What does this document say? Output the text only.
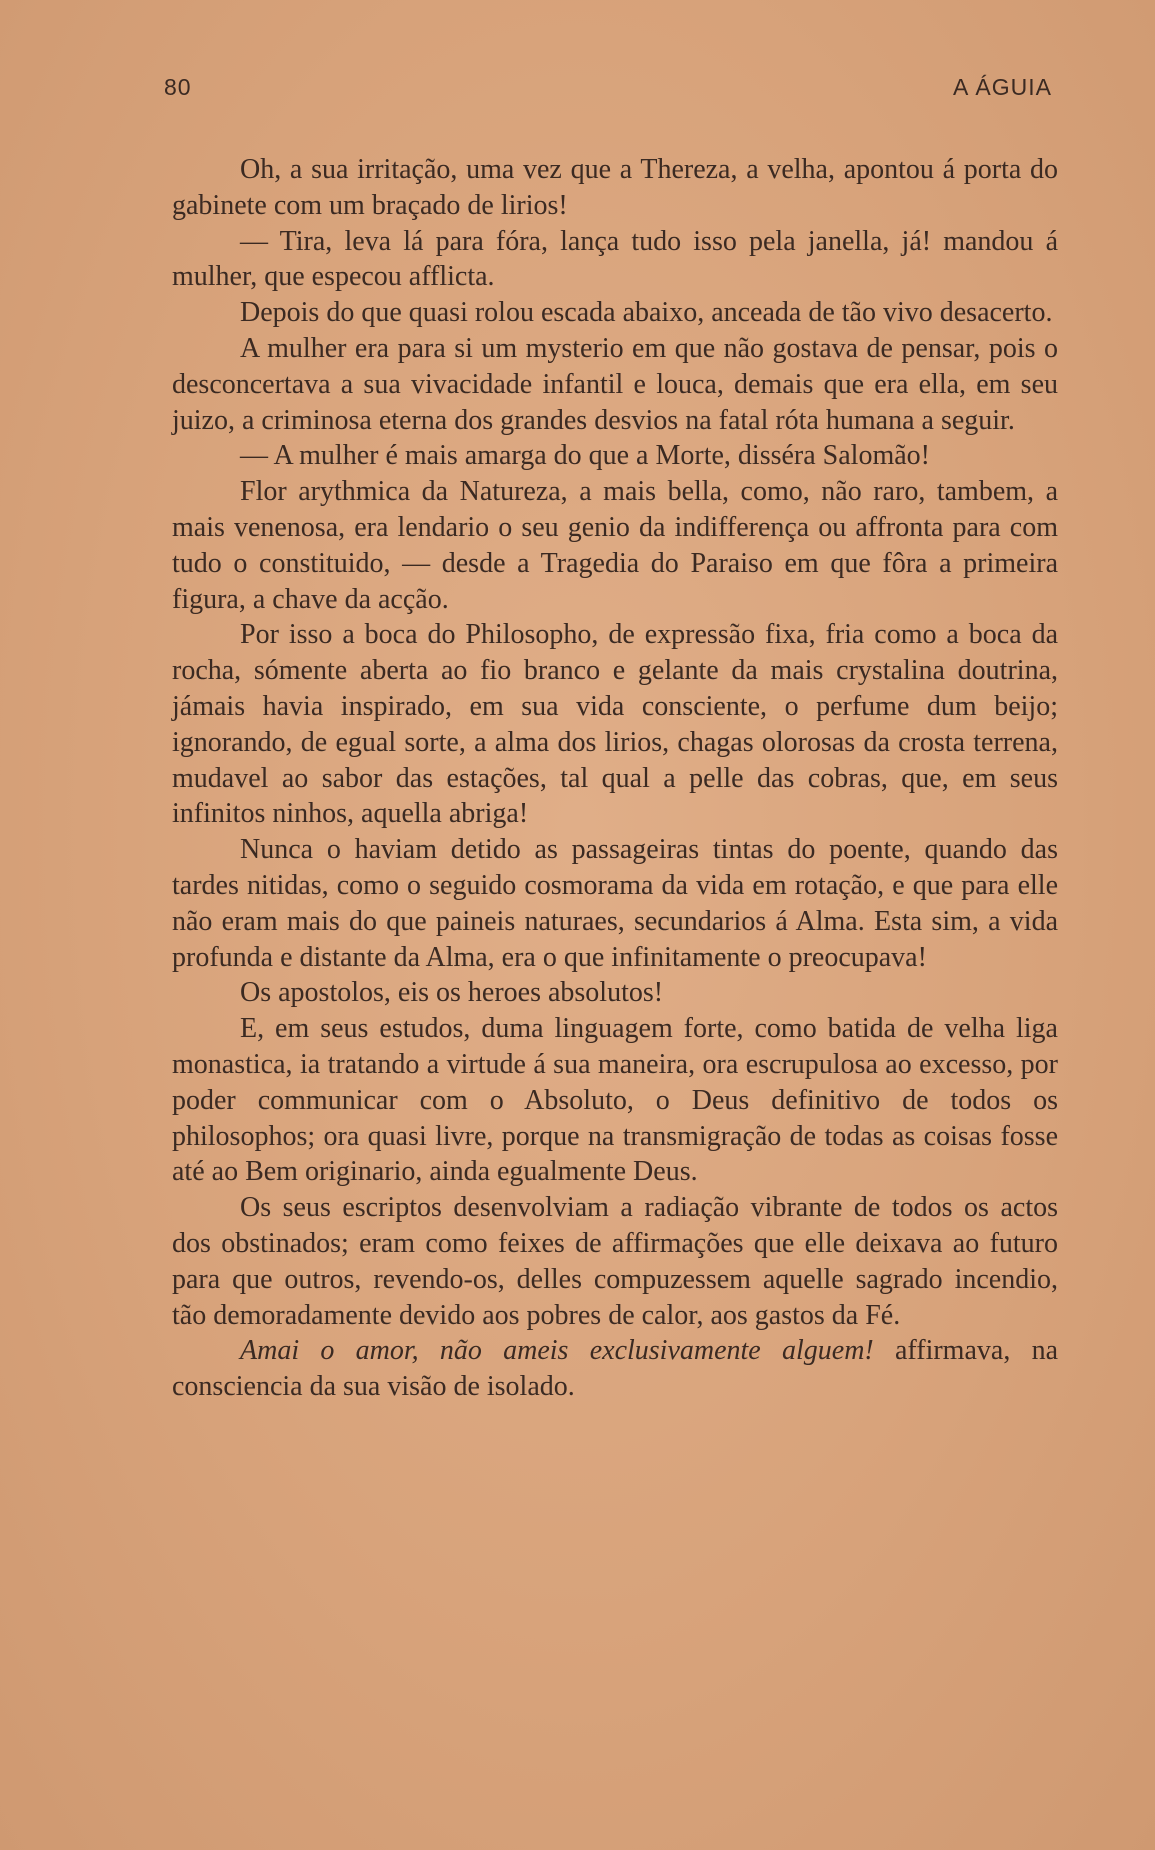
80	A ÁGUIA

Oh, a sua irritação, uma vez que a Thereza, a velha, apontou á porta do gabinete com um braçado de lirios!

— Tira, leva lá para fóra, lança tudo isso pela janella, já! mandou á mulher, que especou afflicta.

Depois do que quasi rolou escada abaixo, anceada de tão vivo desacerto.

A mulher era para si um mysterio em que não gostava de pensar, pois o desconcertava a sua vivacidade infantil e louca, demais que era ella, em seu juizo, a criminosa eterna dos grandes desvios na fatal róta humana a seguir.

— A mulher é mais amarga do que a Morte, disséra Salomão!

Flor arythmica da Natureza, a mais bella, como, não raro, tambem, a mais venenosa, era lendario o seu genio da indifferença ou affronta para com tudo o constituido, — desde a Tragedia do Paraiso em que fôra a primeira figura, a chave da acção.

Por isso a boca do Philosopho, de expressão fixa, fria como a boca da rocha, sómente aberta ao fio branco e gelante da mais crystalina doutrina, jámais havia inspirado, em sua vida consciente, o perfume dum beijo; ignorando, de egual sorte, a alma dos lirios, chagas olorosas da crosta terrena, mudavel ao sabor das estações, tal qual a pelle das cobras, que, em seus infinitos ninhos, aquella abriga!

Nunca o haviam detido as passageiras tintas do poente, quando das tardes nitidas, como o seguido cosmorama da vida em rotação, e que para elle não eram mais do que paineis naturaes, secundarios á Alma. Esta sim, a vida profunda e distante da Alma, era o que infinitamente o preocupava!

Os apostolos, eis os heroes absolutos!

E, em seus estudos, duma linguagem forte, como batida de velha liga monastica, ia tratando a virtude á sua maneira, ora escrupulosa ao excesso, por poder communicar com o Absoluto, o Deus definitivo de todos os philosophos; ora quasi livre, porque na transmigração de todas as coisas fosse até ao Bem originario, ainda egualmente Deus.

Os seus escriptos desenvolviam a radiação vibrante de todos os actos dos obstinados; eram como feixes de affirmações que elle deixava ao futuro para que outros, revendo-os, delles compuzessem aquelle sagrado incendio, tão demoradamente devido aos pobres de calor, aos gastos da Fé.

Amai o amor, não ameis exclusivamente alguem! affirmava, na consciencia da sua visão de isolado.
